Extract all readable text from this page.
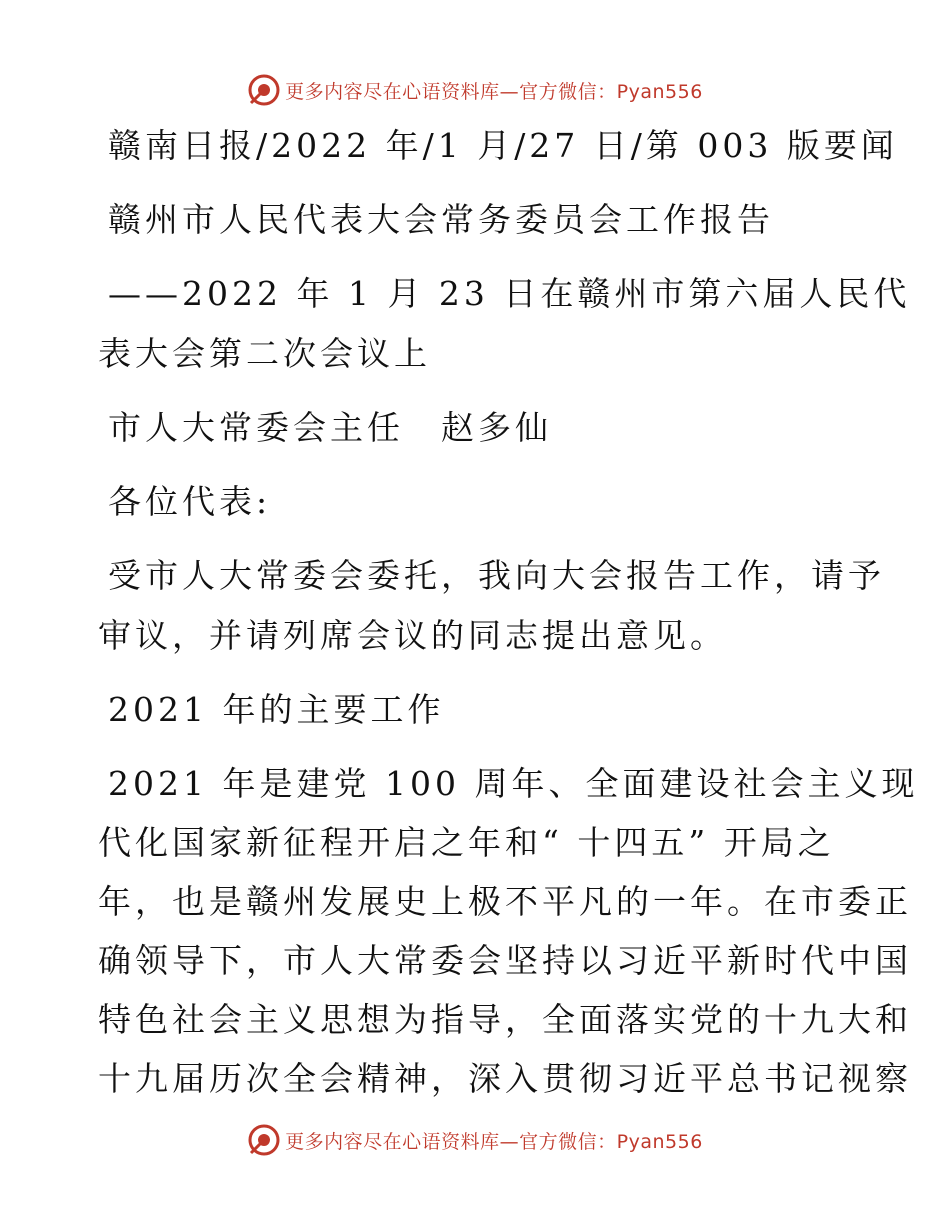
更多内容尽在心语资料库—官方微信：Pyan556
赣南日报/2022 年/1 月/27 日/第 003 版要闻
赣州市人民代表大会常务委员会工作报告
——2022 年 1 月 23 日在赣州市第六届人民代
表大会第二次会议上
市人大常委会主任　赵多仙
各位代表:
受市人大常委会委托，我向大会报告工作，请予
审议，并请列席会议的同志提出意见。
2021 年的主要工作
2021 年是建党 100 周年、全面建设社会主义现
代化国家新征程开启之年和“ 十四五” 开局之
年，也是赣州发展史上极不平凡的一年。在市委正
确领导下，市人大常委会坚持以习近平新时代中国
特色社会主义思想为指导，全面落实党的十九大和
十九届历次全会精神，深入贯彻习近平总书记视察
更多内容尽在心语资料库—官方微信：Pyan556
